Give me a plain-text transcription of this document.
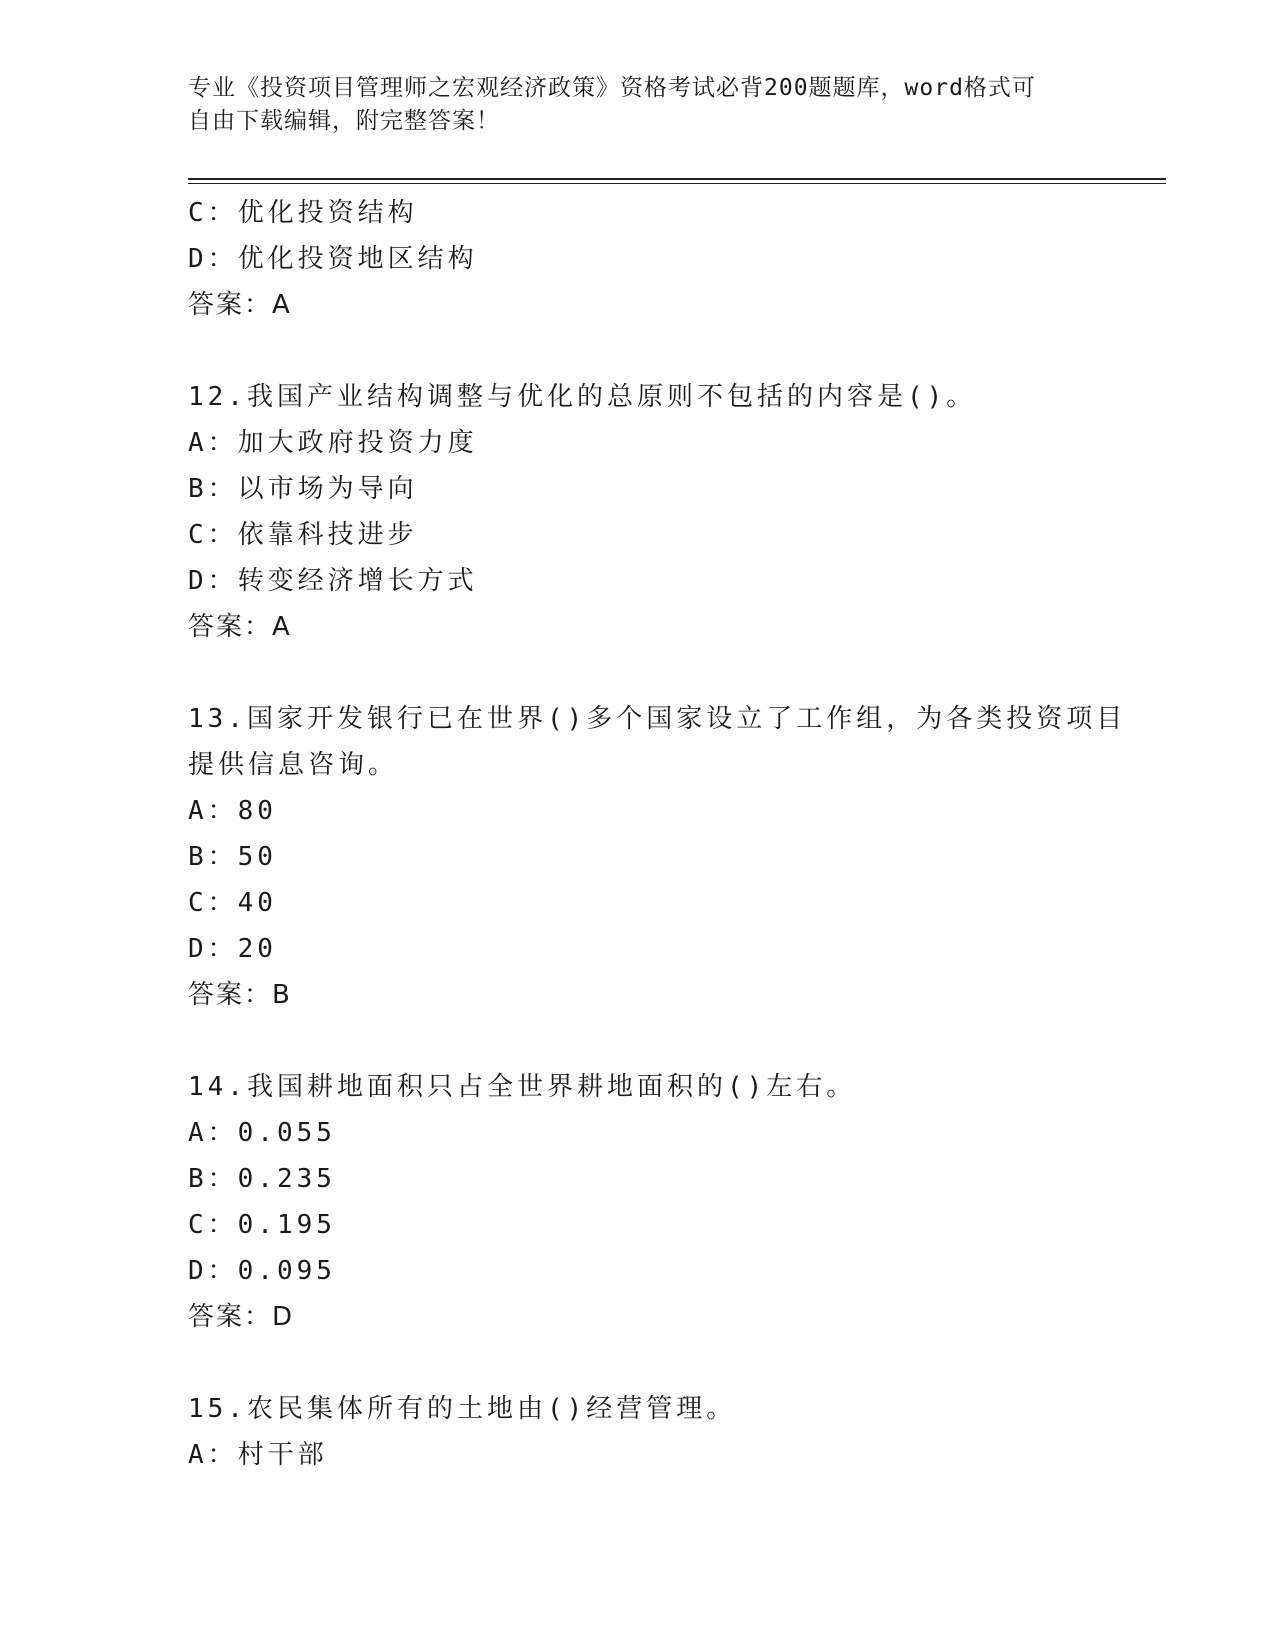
专业《投资项目管理师之宏观经济政策》资格考试必背200题题库，word格式可
自由下载编辑，附完整答案！
C：优化投资结构
D：优化投资地区结构
答案：A
12.我国产业结构调整与优化的总原则不包括的内容是()。
A：加大政府投资力度
B：以市场为导向
C：依靠科技进步
D：转变经济增长方式
答案：A
13.国家开发银行已在世界()多个国家设立了工作组，为各类投资项目
提供信息咨询。
A：80
B：50
C：40
D：20
答案：B
14.我国耕地面积只占全世界耕地面积的()左右。
A：0.055
B：0.235
C：0.195
D：0.095
答案：D
15.农民集体所有的土地由()经营管理。
A：村干部
